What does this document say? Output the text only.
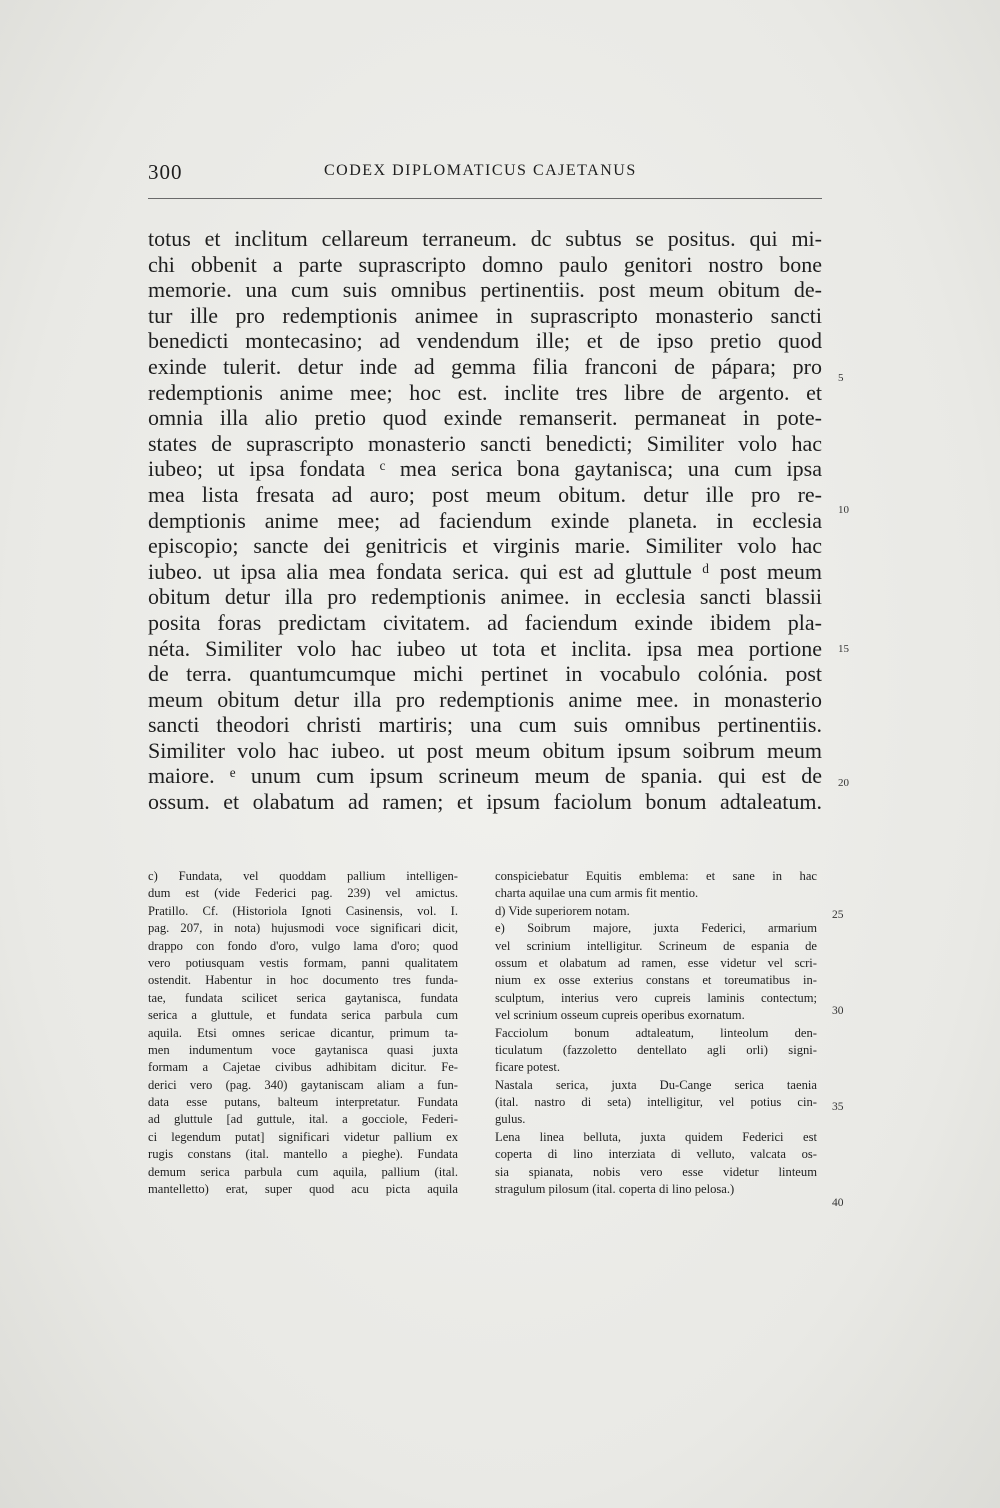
300	CODEX DIPLOMATICUS CAJETANUS
totus et inclitum cellareum terraneum. dc subtus se positus. qui mi-
chi obbenit a parte suprascripto domno paulo genitori nostro bone
memorie. una cum suis omnibus pertinentiis. post meum obitum de-
tur ille pro redemptionis animee in suprascripto monasterio sancti
benedicti montecasino; ad vendendum ille; et de ipso pretio quod
exinde tulerit. detur inde ad gemma filia franconi de pápara; pro
redemptionis anime mee; hoc est. inclite tres libre de argento. et
omnia illa alio pretio quod exinde remanserit. permaneat in pote-
states de suprascripto monasterio sancti benedicti; Similiter volo hac
iubeo; ut ipsa fondata ᶜ mea serica bona gaytanisca; una cum ipsa
mea lista fresata ad auro; post meum obitum. detur ille pro re-
demptionis anime mee; ad faciendum exinde planeta. in ecclesia
episcopio; sancte dei genitricis et virginis marie. Similiter volo hac
iubeo. ut ipsa alia mea fondata serica. qui est ad gluttule ᵈ post meum
obitum detur illa pro redemptionis animee. in ecclesia sancti blassii
posita foras predictam civitatem. ad faciendum exinde ibidem pla-
néta. Similiter volo hac iubeo ut tota et inclita. ipsa mea portione
de terra. quantumcumque michi pertinet in vocabulo colónia. post
meum obitum detur illa pro redemptionis anime mee. in monasterio
sancti theodori christi martiris; una cum suis omnibus pertinentiis.
Similiter volo hac iubeo. ut post meum obitum ipsum soibrum meum
maiore. ᵉ unum cum ipsum scrineum meum de spania. qui est de
ossum. et olabatum ad ramen; et ipsum faciolum bonum adtaleatum.
5
10
15
20
c) Fundata, vel quoddam pallium intelligen-
dum est (vide Federici pag. 239) vel amictus.
Pratillo. Cf. (Historiola Ignoti Casinensis, vol. I.
pag. 207, in nota) hujusmodi voce significari dicit,
drappo con fondo d'oro, vulgo lama d'oro; quod
vero potiusquam vestis formam, panni qualitatem
ostendit. Habentur in hoc documento tres funda-
tae, fundata scilicet serica gaytanisca, fundata
serica a gluttule, et fundata serica parbula cum
aquila. Etsi omnes sericae dicantur, primum ta-
men indumentum voce gaytanisca quasi juxta
formam a Cajetae civibus adhibitam dicitur. Fe-
derici vero (pag. 340) gaytaniscam aliam a fun-
data esse putans, balteum interpretatur. Fundata
ad gluttule [ad guttule, ital. a gocciole, Federi-
ci legendum putat] significari videtur pallium ex
rugis constans (ital. mantello a pieghe). Fundata
demum serica parbula cum aquila, pallium (ital.
mantelletto) erat, super quod acu picta aquila
conspiciebatur Equitis emblema: et sane in hac
charta aquilae una cum armis fit mentio.
d) Vide superiorem notam.
e) Soibrum majore, juxta Federici, armarium
vel scrinium intelligitur. Scrineum de espania de
ossum et olabatum ad ramen, esse videtur vel scri-
nium ex osse exterius constans et toreumatibus in-
sculptum, interius vero cupreis laminis contectum;
vel scrinium osseum cupreis operibus exornatum.
Facciolum bonum adtaleatum, linteolum den-
ticulatum (fazzoletto dentellato agli orli) signi-
ficare potest.
Nastala serica, juxta Du-Cange serica taenia
(ital. nastro di seta) intelligitur, vel potius cin-
gulus.
Lena linea belluta, juxta quidem Federici est
coperta di lino interziata di velluto, valcata os-
sia spianata, nobis vero esse videtur linteum
stragulum pilosum (ital. coperta di lino pelosa.)
25
30
35
40
